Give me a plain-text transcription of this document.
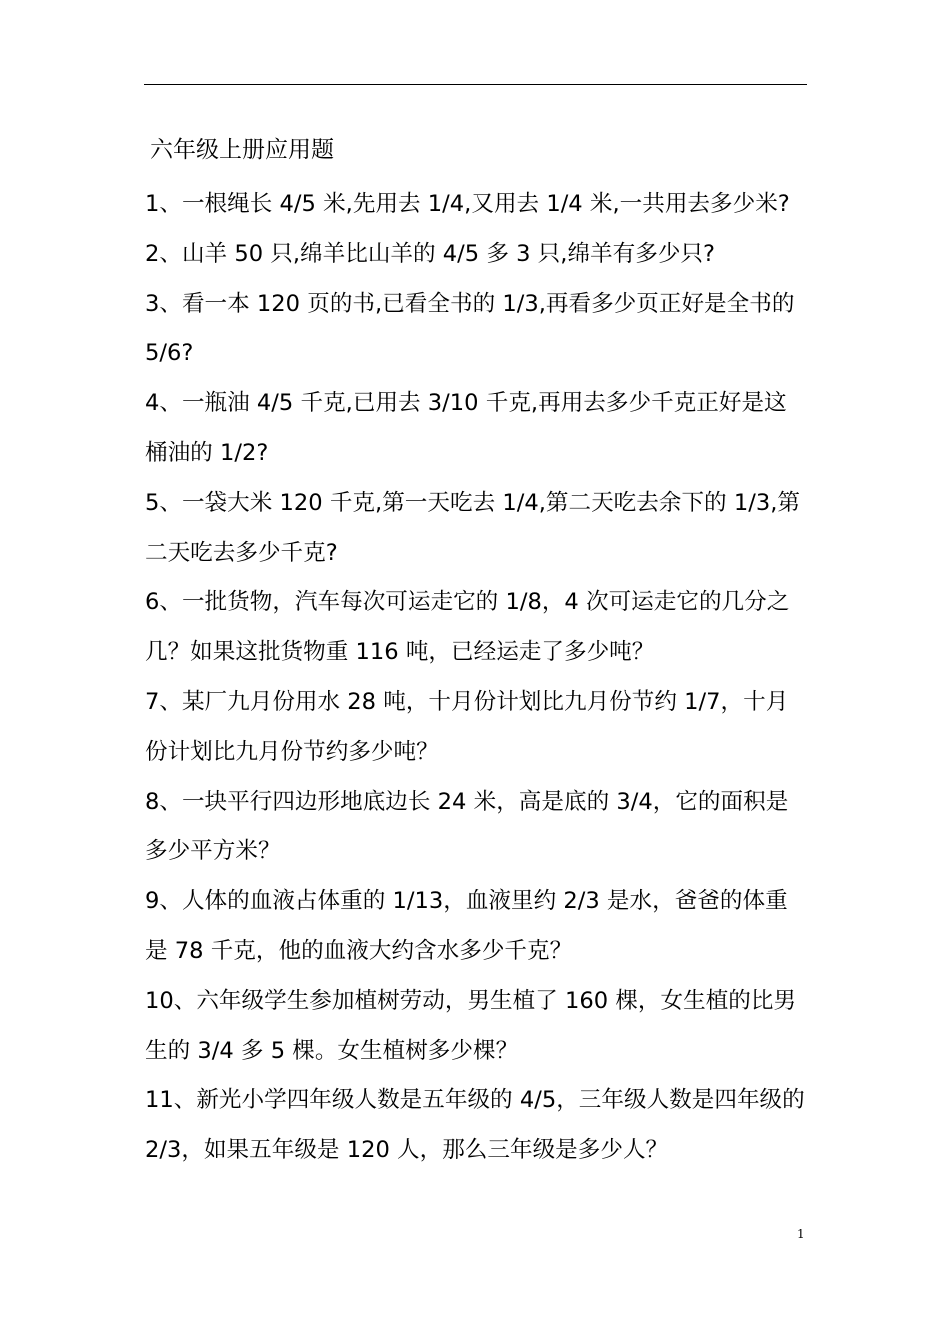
六年级上册应用题

1、一根绳长 4/5 米,先用去 1/4,又用去 1/4 米,一共用去多少米?

2、山羊 50 只,绵羊比山羊的 4/5 多 3 只,绵羊有多少只?

3、看一本 120 页的书,已看全书的 1/3,再看多少页正好是全书的 5/6?

4、一瓶油 4/5 千克,已用去 3/10 千克,再用去多少千克正好是这桶油的 1/2?

5、一袋大米 120 千克,第一天吃去 1/4,第二天吃去余下的 1/3,第二天吃去多少千克?

6、一批货物，汽车每次可运走它的 1/8，4 次可运走它的几分之几？如果这批货物重 116 吨，已经运走了多少吨？

7、某厂九月份用水 28 吨，十月份计划比九月份节约 1/7，十月份计划比九月份节约多少吨？

8、一块平行四边形地底边长 24 米，高是底的 3/4，它的面积是多少平方米？

9、人体的血液占体重的 1/13，血液里约 2/3 是水，爸爸的体重是 78 千克，他的血液大约含水多少千克？

10、六年级学生参加植树劳动，男生植了 160 棵，女生植的比男生的 3/4 多 5 棵。女生植树多少棵？

11、新光小学四年级人数是五年级的 4/5，三年级人数是四年级的 2/3，如果五年级是 120 人，那么三年级是多少人？

1
